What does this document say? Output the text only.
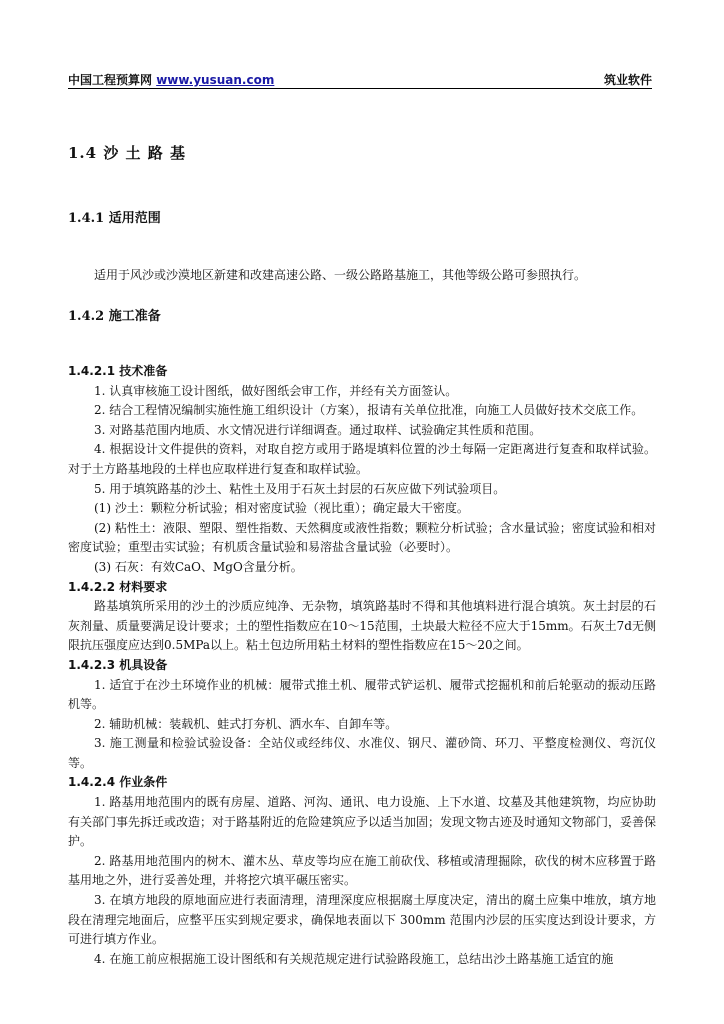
中国工程预算网 www.yusuan.com	筑业软件
1.4 沙 土 路 基
1.4.1 适用范围
适用于风沙或沙漠地区新建和改建高速公路、一级公路路基施工，其他等级公路可参照执行。
1.4.2 施工准备

1.4.2.1 技术准备

1. 认真审核施工设计图纸，做好图纸会审工作，并经有关方面签认。

2. 结合工程情况编制实施性施工组织设计（方案），报请有关单位批准，向施工人员做好技术交底工作。

3. 对路基范围内地质、水文情况进行详细调查。通过取样、试验确定其性质和范围。

4. 根据设计文件提供的资料，对取自挖方或用于路堤填料位置的沙土每隔一定距离进行复查和取样试验。对于土方路基地段的土样也应取样进行复查和取样试验。

5. 用于填筑路基的沙土、粘性土及用于石灰土封层的石灰应做下列试验项目。

(1) 沙土：颗粒分析试验；相对密度试验（视比重）；确定最大干密度。

(2) 粘性土：液限、塑限、塑性指数、天然稠度或液性指数；颗粒分析试验；含水量试验；密度试验和相对密度试验；重型击实试验；有机质含量试验和易溶盐含量试验（必要时）。

(3) 石灰：有效CaO、MgO含量分析。

1.4.2.2 材料要求

路基填筑所采用的沙土的沙质应纯净、无杂物，填筑路基时不得和其他填料进行混合填筑。灰土封层的石灰剂量、质量要满足设计要求；土的塑性指数应在10～15范围，土块最大粒径不应大于15mm。石灰土7d无侧限抗压强度应达到0.5MPa以上。粘土包边所用粘土材料的塑性指数应在15～20之间。

1.4.2.3 机具设备

1. 适宜于在沙土环境作业的机械：履带式推土机、履带式铲运机、履带式挖掘机和前后轮驱动的振动压路机等。

2. 辅助机械：装载机、蛙式打夯机、洒水车、自卸车等。

3. 施工测量和检验试验设备：全站仪或经纬仪、水准仪、钢尺、灌砂筒、环刀、平整度检测仪、弯沉仪等。

1.4.2.4 作业条件

1. 路基用地范围内的既有房屋、道路、河沟、通讯、电力设施、上下水道、坟墓及其他建筑物，均应协助有关部门事先拆迁或改造；对于路基附近的危险建筑应予以适当加固；发现文物古迹及时通知文物部门，妥善保护。

2. 路基用地范围内的树木、灌木丛、草皮等均应在施工前砍伐、移植或清理掘除，砍伐的树木应移置于路基用地之外，进行妥善处理，并将挖穴填平碾压密实。

3. 在填方地段的原地面应进行表面清理，清理深度应根据腐土厚度决定，清出的腐土应集中堆放，填方地段在清理完地面后，应整平压实到规定要求，确保地表面以下 300mm 范围内沙层的压实度达到设计要求，方可进行填方作业。

4. 在施工前应根据施工设计图纸和有关规范规定进行试验路段施工，总结出沙土路基施工适宜的施
